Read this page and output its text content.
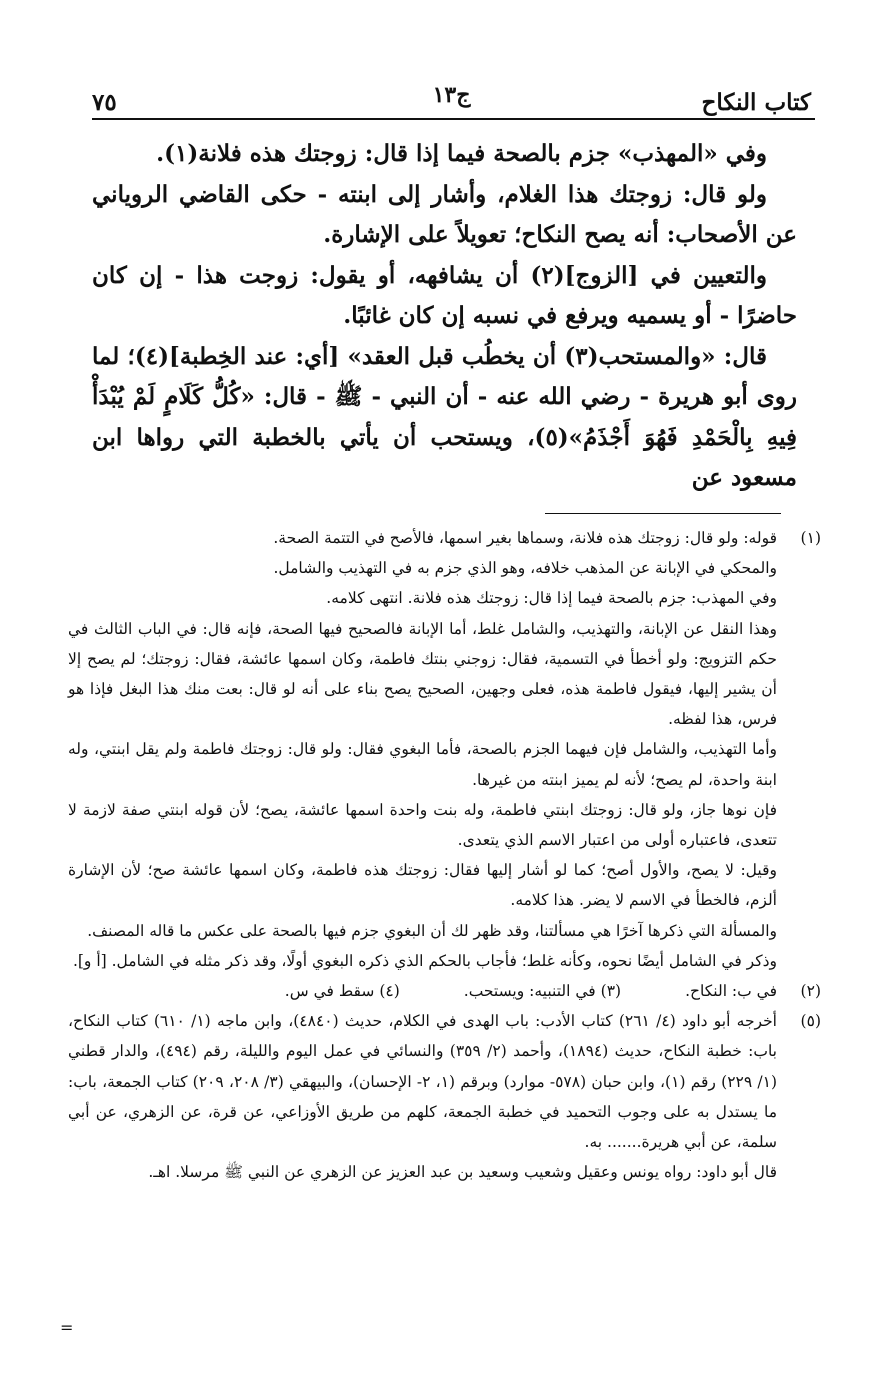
كتاب النكاح
ج١٣
٧٥

وفي «المهذب» جزم بالصحة فيما إذا قال: زوجتك هذه فلانة(١).

ولو قال: زوجتك هذا الغلام، وأشار إلى ابنته - حكى القاضي الروياني عن الأصحاب: أنه يصح النكاح؛ تعويلاً على الإشارة.

والتعيين في [الزوج](٢) أن يشافهه، أو يقول: زوجت هذا - إن كان حاضرًا - أو يسميه ويرفع في نسبه إن كان غائبًا.

قال: «والمستحب(٣) أن يخطُب قبل العقد» [أي: عند الخِطبة](٤)؛ لما روى أبو هريرة - رضي الله عنه - أن النبي - ﷺ - قال: «كُلُّ كَلَامٍ لَمْ يُبْدَأْ فِيهِ بِالْحَمْدِ فَهُوَ أَجْذَمُ»(٥)، ويستحب أن يأتي بالخطبة التي رواها ابن مسعود عن

(١)

قوله: ولو قال: زوجتك هذه فلانة، وسماها بغير اسمها، فالأصح في التتمة الصحة.

والمحكي في الإبانة عن المذهب خلافه، وهو الذي جزم به في التهذيب والشامل.

وفي المهذب: جزم بالصحة فيما إذا قال: زوجتك هذه فلانة. انتهى كلامه.

وهذا النقل عن الإبانة، والتهذيب، والشامل غلط، أما الإبانة فالصحيح فيها الصحة، فإنه قال: في الباب الثالث في حكم التزويج: ولو أخطأ في التسمية، فقال: زوجني بنتك فاطمة، وكان اسمها عائشة، فقال: زوجتك؛ لم يصح إلا أن يشير إليها، فيقول فاطمة هذه، فعلى وجهين، الصحيح يصح بناء على أنه لو قال: بعت منك هذا البغل فإذا هو فرس، هذا لفظه.

وأما التهذيب، والشامل فإن فيهما الجزم بالصحة، فأما البغوي فقال: ولو قال: زوجتك فاطمة ولم يقل ابنتي، وله ابنة واحدة، لم يصح؛ لأنه لم يميز ابنته من غيرها.

فإن نوها جاز، ولو قال: زوجتك ابنتي فاطمة، وله بنت واحدة اسمها عائشة، يصح؛ لأن قوله ابنتي صفة لازمة لا تتعدى، فاعتباره أولى من اعتبار الاسم الذي يتعدى.

وقيل: لا يصح، والأول أصح؛ كما لو أشار إليها فقال: زوجتك هذه فاطمة، وكان اسمها عائشة صح؛ لأن الإشارة ألزم، فالخطأ في الاسم لا يضر. هذا كلامه.

والمسألة التي ذكرها آخرًا هي مسألتنا، وقد ظهر لك أن البغوي جزم فيها بالصحة على عكس ما قاله المصنف.

وذكر في الشامل أيضًا نحوه، وكأنه غلط؛ فأجاب بالحكم الذي ذكره البغوي أولًا، وقد ذكر مثله في الشامل. [أ و].

(٢)
في ب: النكاح.
(٣) في التنبيه: ويستحب.
(٤) سقط في س.
(٥)

أخرجه أبو داود (٤/ ٢٦١) كتاب الأدب: باب الهدى في الكلام، حديث (٤٨٤٠)، وابن ماجه (١/ ٦١٠) كتاب النكاح، باب: خطبة النكاح، حديث (١٨٩٤)، وأحمد (٢/ ٣٥٩) والنسائي في عمل اليوم والليلة، رقم (٤٩٤)، والدار قطني (١/ ٢٢٩) رقم (١)، وابن حبان (٥٧٨- موارد) وبرقم (١، ٢- الإحسان)، والبيهقي (٣/ ٢٠٨، ٢٠٩) كتاب الجمعة، باب: ما يستدل به على وجوب التحميد في خطبة الجمعة، كلهم من طريق الأوزاعي، عن قرة، عن الزهري، عن أبي سلمة، عن أبي هريرة....... به.

قال أبو داود: رواه يونس وعقيل وشعيب وسعيد بن عبد العزيز عن الزهري عن النبي ﷺ مرسلا. اهـ.

=
